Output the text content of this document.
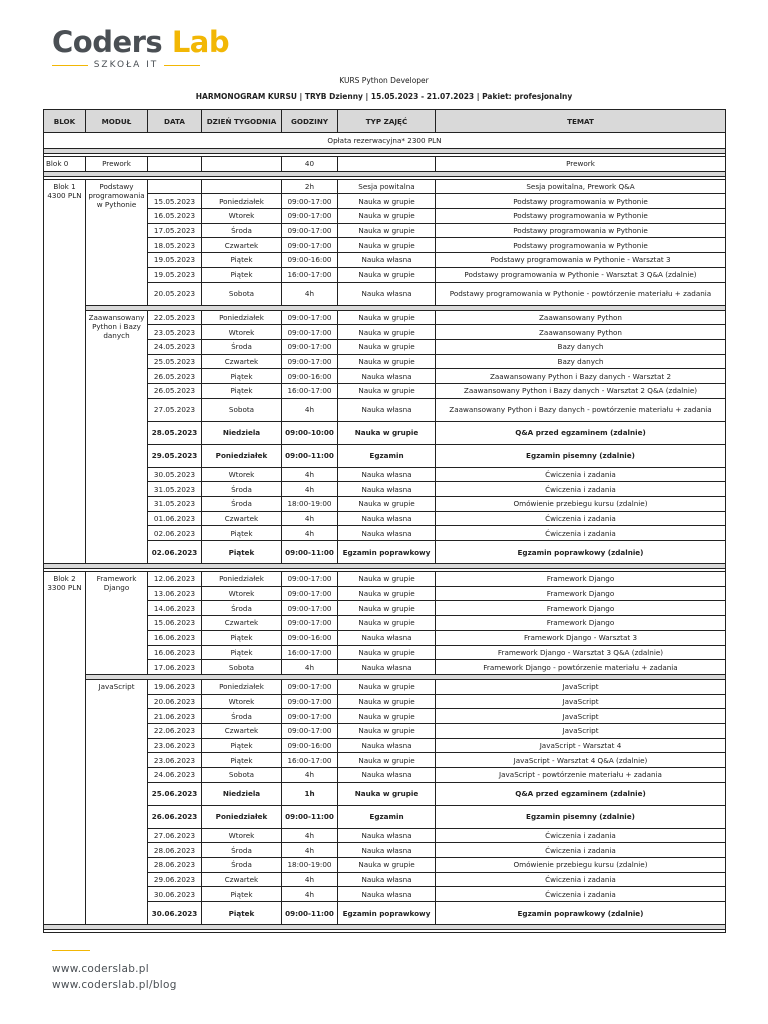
Coders Lab
SZKOŁA IT
KURS Python Developer
HARMONOGRAM KURSU | TRYB Dzienny | 15.05.2023 - 21.07.2023 | Pakiet: profesjonalny
BLOK	MODUŁ	DATA	DZIEŃ TYGODNIA	GODZINY	TYP ZAJĘĆ	TEMAT
Opłata rezerwacyjna* 2300 PLN						

Blok 0	Prework			40		Prework

Blok 1 4300 PLN	Podstawy programowania w Pythonie			2h	Sesja powitalna	Sesja powitalna, Prework Q&A
		15.05.2023	Poniedziałek	09:00-17:00	Nauka w grupie	Podstawy programowania w Pythonie
		16.05.2023	Wtorek	09:00-17:00	Nauka w grupie	Podstawy programowania w Pythonie
		17.05.2023	Środa	09:00-17:00	Nauka w grupie	Podstawy programowania w Pythonie
		18.05.2023	Czwartek	09:00-17:00	Nauka w grupie	Podstawy programowania w Pythonie
		19.05.2023	Piątek	09:00-16:00	Nauka własna	Podstawy programowania w Pythonie - Warsztat 3
		19.05.2023	Piątek	16:00-17:00	Nauka w grupie	Podstawy programowania w Pythonie - Warsztat 3 Q&A (zdalnie)
		20.05.2023	Sobota	4h	Nauka własna	Podstawy programowania w Pythonie - powtórzenie materiału + zadania

	Zaawansowany Python i Bazy danych	22.05.2023	Poniedziałek	09:00-17:00	Nauka w grupie	Zaawansowany Python
		23.05.2023	Wtorek	09:00-17:00	Nauka w grupie	Zaawansowany Python
		24.05.2023	Środa	09:00-17:00	Nauka w grupie	Bazy danych
		25.05.2023	Czwartek	09:00-17:00	Nauka w grupie	Bazy danych
		26.05.2023	Piątek	09:00-16:00	Nauka własna	Zaawansowany Python i Bazy danych - Warsztat 2
		26.05.2023	Piątek	16:00-17:00	Nauka w grupie	Zaawansowany Python i Bazy danych - Warsztat 2 Q&A (zdalnie)
		27.05.2023	Sobota	4h	Nauka własna	Zaawansowany Python i Bazy danych - powtórzenie materiału + zadania
		28.05.2023	Niedziela	09:00-10:00	Nauka w grupie	Q&A przed egzaminem (zdalnie)
		29.05.2023	Poniedziałek	09:00-11:00	Egzamin	Egzamin pisemny (zdalnie)
		30.05.2023	Wtorek	4h	Nauka własna	Ćwiczenia i zadania
		31.05.2023	Środa	4h	Nauka własna	Ćwiczenia i zadania
		31.05.2023	Środa	18:00-19:00	Nauka w grupie	Omówienie przebiegu kursu (zdalnie)
		01.06.2023	Czwartek	4h	Nauka własna	Ćwiczenia i zadania
		02.06.2023	Piątek	4h	Nauka własna	Ćwiczenia i zadania
		02.06.2023	Piątek	09:00-11:00	Egzamin poprawkowy	Egzamin poprawkowy (zdalnie)

Blok 2 3300 PLN	Framework Django	12.06.2023	Poniedziałek	09:00-17:00	Nauka w grupie	Framework Django
		13.06.2023	Wtorek	09:00-17:00	Nauka w grupie	Framework Django
		14.06.2023	Środa	09:00-17:00	Nauka w grupie	Framework Django
		15.06.2023	Czwartek	09:00-17:00	Nauka w grupie	Framework Django
		16.06.2023	Piątek	09:00-16:00	Nauka własna	Framework Django - Warsztat 3
		16.06.2023	Piątek	16:00-17:00	Nauka w grupie	Framework Django - Warsztat 3 Q&A (zdalnie)
		17.06.2023	Sobota	4h	Nauka własna	Framework Django - powtórzenie materiału + zadania

	JavaScript	19.06.2023	Poniedziałek	09:00-17:00	Nauka w grupie	JavaScript
		20.06.2023	Wtorek	09:00-17:00	Nauka w grupie	JavaScript
		21.06.2023	Środa	09:00-17:00	Nauka w grupie	JavaScript
		22.06.2023	Czwartek	09:00-17:00	Nauka w grupie	JavaScript
		23.06.2023	Piątek	09:00-16:00	Nauka własna	JavaScript - Warsztat 4
		23.06.2023	Piątek	16:00-17:00	Nauka w grupie	JavaScript - Warsztat 4 Q&A (zdalnie)
		24.06.2023	Sobota	4h	Nauka własna	JavaScript - powtórzenie materiału + zadania
		25.06.2023	Niedziela	1h	Nauka w grupie	Q&A przed egzaminem (zdalnie)
		26.06.2023	Poniedziałek	09:00-11:00	Egzamin	Egzamin pisemny (zdalnie)
		27.06.2023	Wtorek	4h	Nauka własna	Ćwiczenia i zadania
		28.06.2023	Środa	4h	Nauka własna	Ćwiczenia i zadania
		28.06.2023	Środa	18:00-19:00	Nauka w grupie	Omówienie przebiegu kursu (zdalnie)
		29.06.2023	Czwartek	4h	Nauka własna	Ćwiczenia i zadania
		30.06.2023	Piątek	4h	Nauka własna	Ćwiczenia i zadania
		30.06.2023	Piątek	09:00-11:00	Egzamin poprawkowy	Egzamin poprawkowy (zdalnie)

www.coderslab.pl
www.coderslab.pl/blog
